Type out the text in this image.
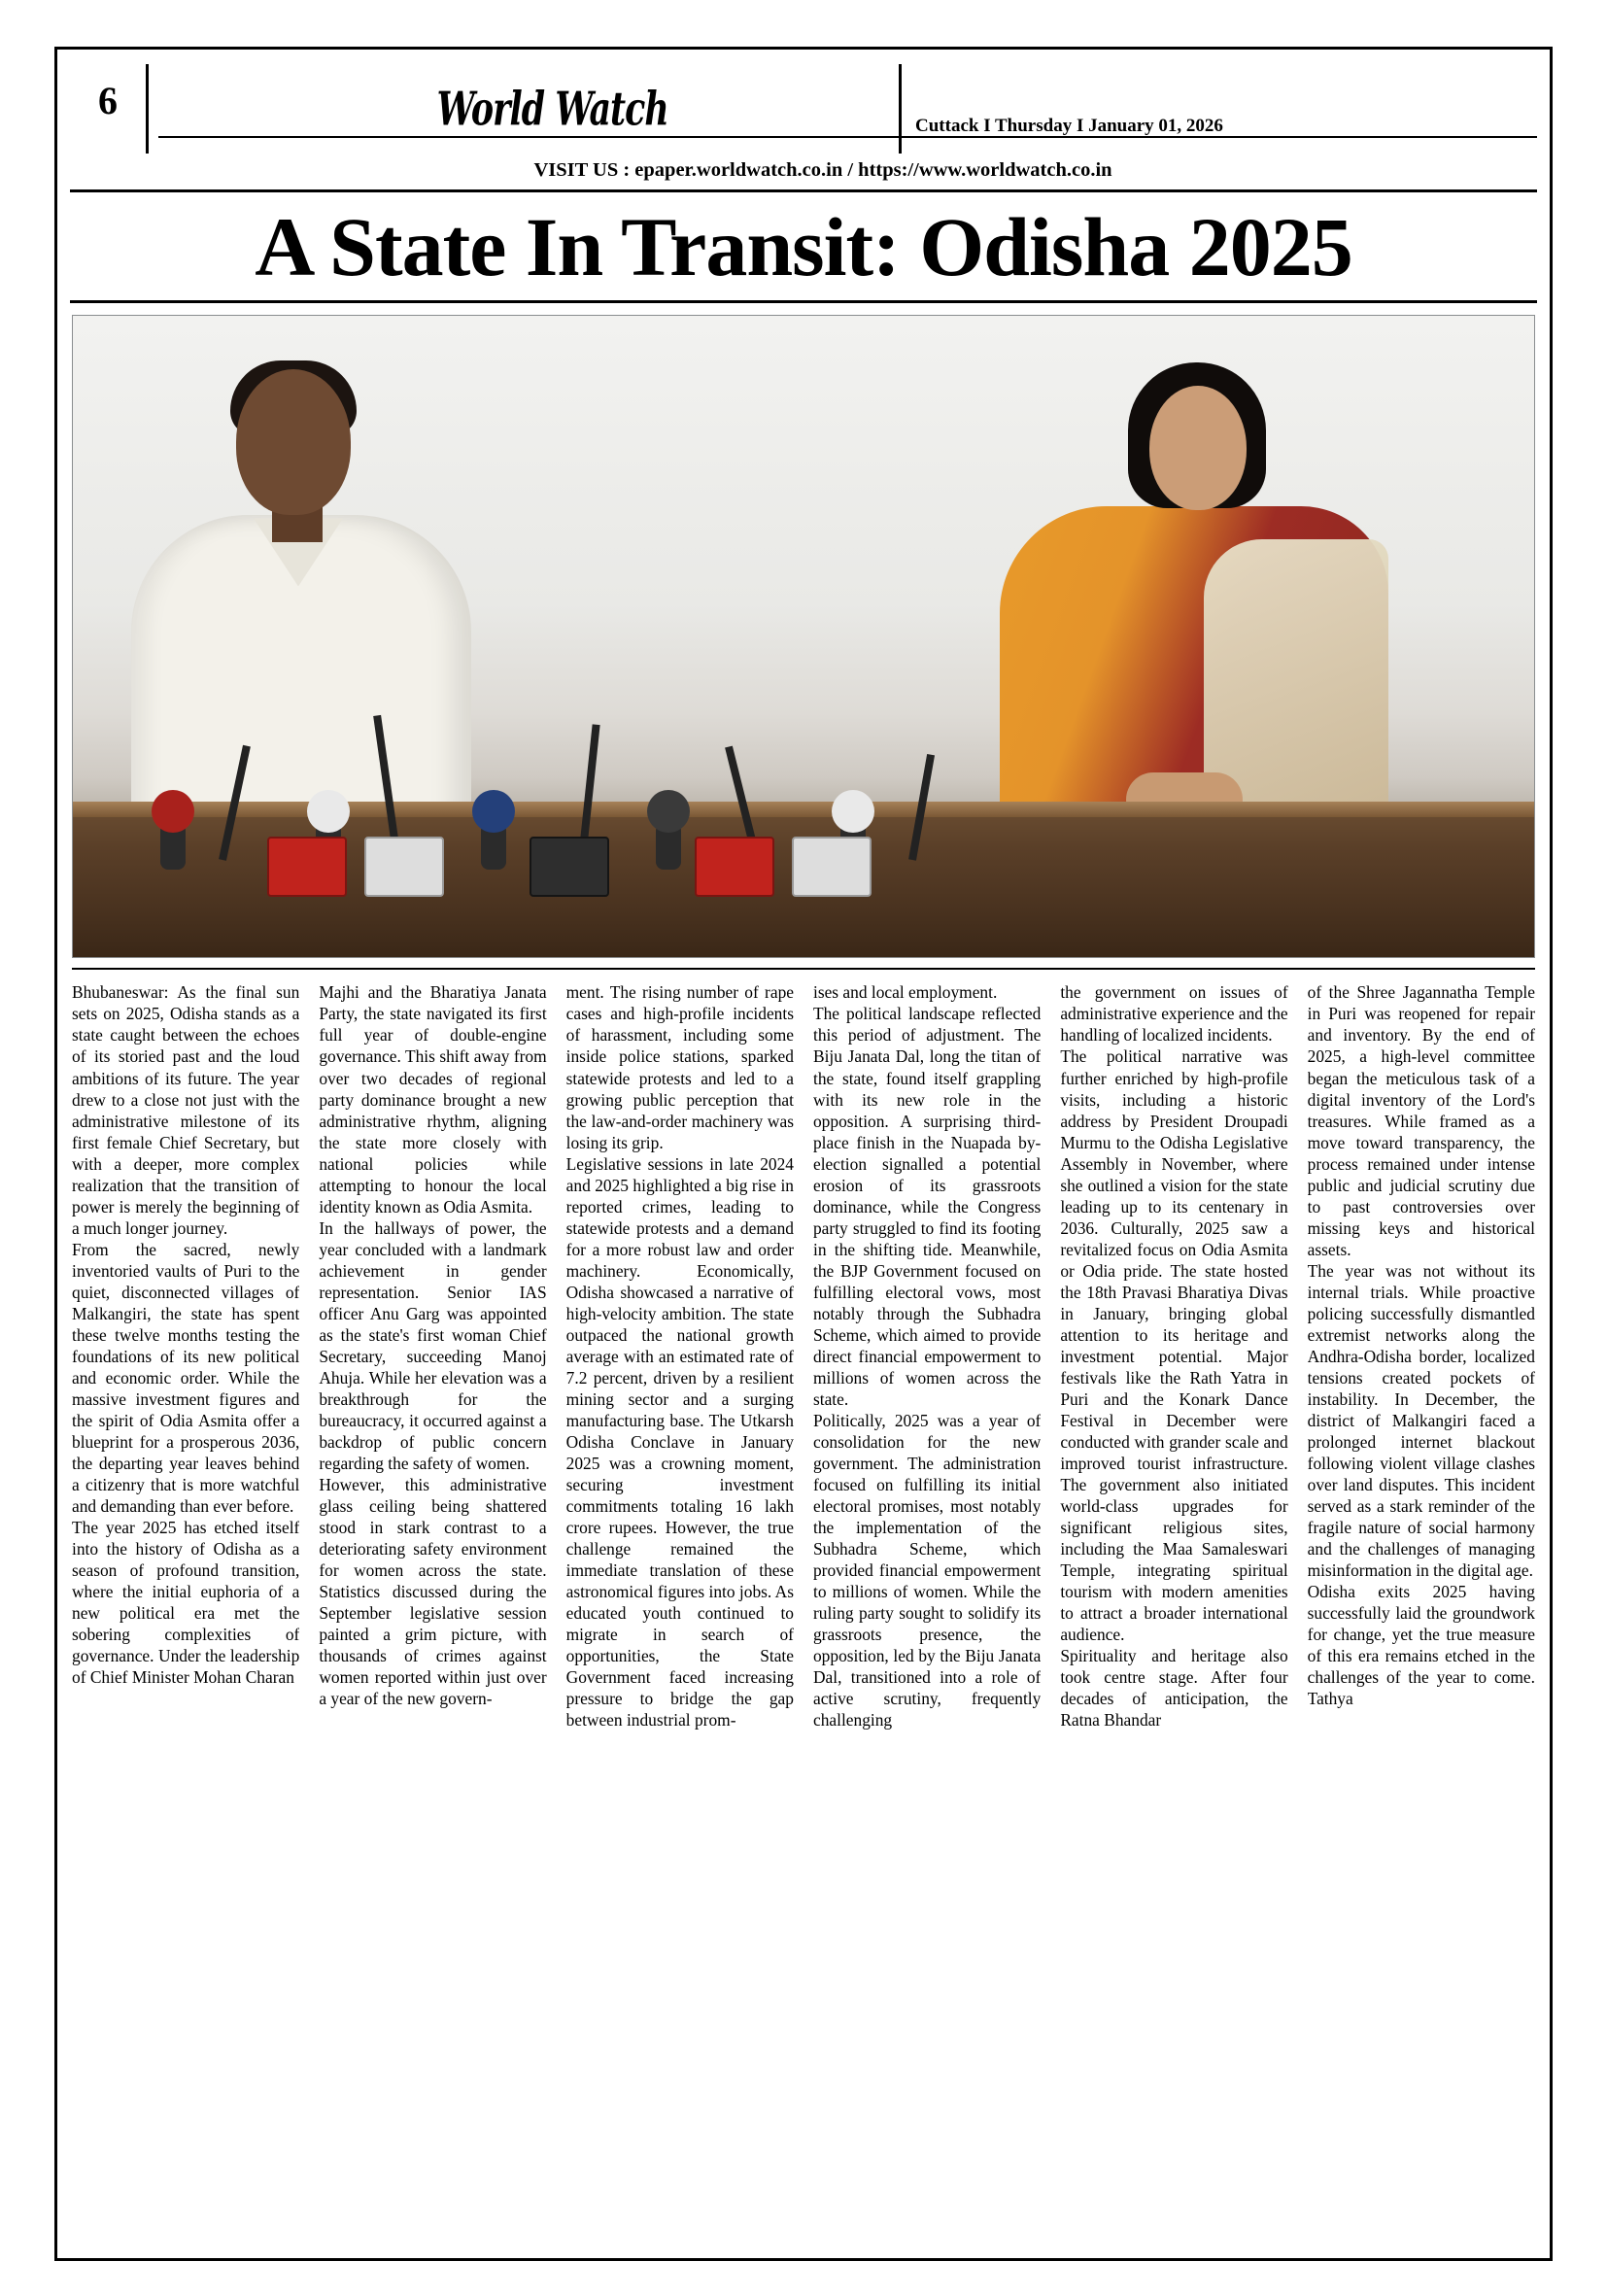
6	World Watch	Cuttack I Thursday I January 01, 2026
VISIT US : epaper.worldwatch.co.in / https://www.worldwatch.co.in
A State In Transit: Odisha 2025

Bhubaneswar: As the final sun sets on 2025, Odisha stands as a state caught between the echoes of its storied past and the loud ambitions of its future. The year drew to a close not just with the administrative milestone of its first female Chief Secretary, but with a deeper, more complex realization that the transition of power is merely the beginning of a much longer journey.

From the sacred, newly inventoried vaults of Puri to the quiet, disconnected villages of Malkangiri, the state has spent these twelve months testing the foundations of its new political and economic order. While the massive investment figures and the spirit of Odia Asmita offer a blueprint for a prosperous 2036, the departing year leaves behind a citizenry that is more watchful and demanding than ever before.

The year 2025 has etched itself into the history of Odisha as a season of profound transition, where the initial euphoria of a new political era met the sobering complexities of governance. Under the leadership of Chief Minister Mohan Charan

Majhi and the Bharatiya Janata Party, the state navigated its first full year of double-engine governance. This shift away from over two decades of regional party dominance brought a new administrative rhythm, aligning the state more closely with national policies while attempting to honour the local identity known as Odia Asmita.

In the hallways of power, the year concluded with a landmark achievement in gender representation. Senior IAS officer Anu Garg was appointed as the state's first woman Chief Secretary, succeeding Manoj Ahuja. While her elevation was a breakthrough for the bureaucracy, it occurred against a backdrop of public concern regarding the safety of women.

However, this administrative glass ceiling being shattered stood in stark contrast to a deteriorating safety environment for women across the state. Statistics discussed during the September legislative session painted a grim picture, with thousands of crimes against women reported within just over a year of the new govern-

ment. The rising number of rape cases and high-profile incidents of harassment, including some inside police stations, sparked statewide protests and led to a growing public perception that the law-and-order machinery was losing its grip.

Legislative sessions in late 2024 and 2025 highlighted a big rise in reported crimes, leading to statewide protests and a demand for a more robust law and order machinery. Economically, Odisha showcased a narrative of high-velocity ambition. The state outpaced the national growth average with an estimated rate of 7.2 percent, driven by a resilient mining sector and a surging manufacturing base. The Utkarsh Odisha Conclave in January 2025 was a crowning moment, securing investment commitments totaling 16 lakh crore rupees. However, the true challenge remained the immediate translation of these astronomical figures into jobs. As educated youth continued to migrate in search of opportunities, the State Government faced increasing pressure to bridge the gap between industrial prom-

ises and local employment.

The political landscape reflected this period of adjustment. The Biju Janata Dal, long the titan of the state, found itself grappling with its new role in the opposition. A surprising third-place finish in the Nuapada by-election signalled a potential erosion of its grassroots dominance, while the Congress party struggled to find its footing in the shifting tide. Meanwhile, the BJP Government focused on fulfilling electoral vows, most notably through the Subhadra Scheme, which aimed to provide direct financial empowerment to millions of women across the state.

Politically, 2025 was a year of consolidation for the new government. The administration focused on fulfilling its initial electoral promises, most notably the implementation of the Subhadra Scheme, which provided financial empowerment to millions of women. While the ruling party sought to solidify its grassroots presence, the opposition, led by the Biju Janata Dal, transitioned into a role of active scrutiny, frequently challenging

the government on issues of administrative experience and the handling of localized incidents.

The political narrative was further enriched by high-profile visits, including a historic address by President Droupadi Murmu to the Odisha Legislative Assembly in November, where she outlined a vision for the state leading up to its centenary in 2036. Culturally, 2025 saw a revitalized focus on Odia Asmita or Odia pride. The state hosted the 18th Pravasi Bharatiya Divas in January, bringing global attention to its heritage and investment potential. Major festivals like the Rath Yatra in Puri and the Konark Dance Festival in December were conducted with grander scale and improved tourist infrastructure. The government also initiated world-class upgrades for significant religious sites, including the Maa Samaleswari Temple, integrating spiritual tourism with modern amenities to attract a broader international audience.

Spirituality and heritage also took centre stage. After four decades of anticipation, the Ratna Bhandar

of the Shree Jagannatha Temple in Puri was reopened for repair and inventory. By the end of 2025, a high-level committee began the meticulous task of a digital inventory of the Lord's treasures. While framed as a move toward transparency, the process remained under intense public and judicial scrutiny due to past controversies over missing keys and historical assets.

The year was not without its internal trials. While proactive policing successfully dismantled extremist networks along the Andhra-Odisha border, localized tensions created pockets of instability. In December, the district of Malkangiri faced a prolonged internet blackout following violent village clashes over land disputes. This incident served as a stark reminder of the fragile nature of social harmony and the challenges of managing misinformation in the digital age.

Odisha exits 2025 having successfully laid the groundwork for change, yet the true measure of this era remains etched in the challenges of the year to come. Tathya
